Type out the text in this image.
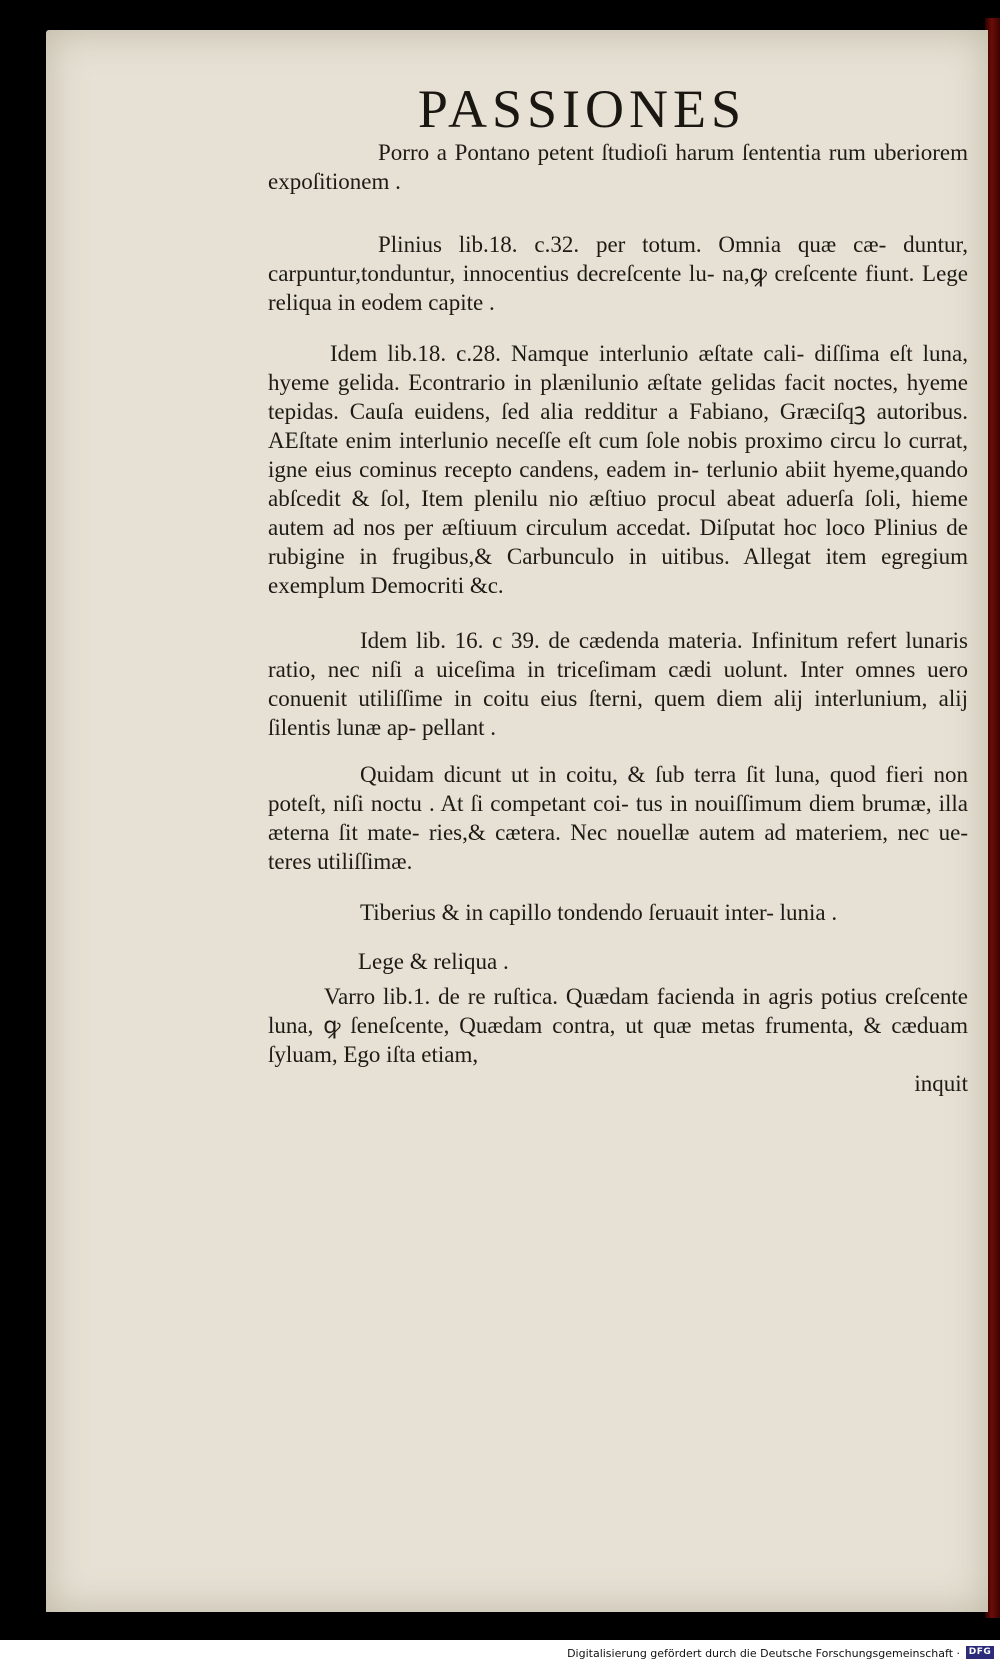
PASSIONES

Porro a Pontano petent ſtudioſi harum ſententia rum uberiorem expoſitionem .

Plinius lib.18. c.32. per totum. Omnia quæ cæ- duntur, carpuntur,tonduntur, innocentius decreſcente lu- na,ꝙ creſcente fiunt. Lege reliqua in eodem capite .

Idem lib.18. c.28. Namque interlunio æſtate cali- diſſima eſt luna, hyeme gelida. Econtrario in plænilunio æſtate gelidas facit noctes, hyeme tepidas. Cauſa euidens, ſed alia redditur a Fabiano, Græciſqꝫ autoribus. AEſtate enim interlunio neceſſe eſt cum ſole nobis proximo circu lo currat, igne eius cominus recepto candens, eadem in- terlunio abiit hyeme,quando abſcedit & ſol, Item plenilu nio æſtiuo procul abeat aduerſa ſoli, hieme autem ad nos per æſtiuum circulum accedat. Diſputat hoc loco Plinius de rubigine in frugibus,& Carbunculo in uitibus. Allegat item egregium exemplum Democriti &c.

Idem lib. 16. c 39. de cædenda materia. Infinitum refert lunaris ratio, nec niſi a uiceſima in triceſimam cædi uolunt. Inter omnes uero conuenit utiliſſime in coitu eius ſterni, quem diem alij interlunium, alij ſilentis lunæ ap- pellant .

Quidam dicunt ut in coitu, & ſub terra ſit luna, quod fieri non poteſt, niſi noctu . At ſi competant coi- tus in nouiſſimum diem brumæ, illa æterna ſit mate- ries,& cætera. Nec nouellæ autem ad materiem, nec ue- teres utiliſſimæ.

Tiberius & in capillo tondendo ſeruauit inter- lunia .

Lege & reliqua .

Varro lib.1. de re ruſtica. Quædam facienda in agris potius creſcente luna, ꝙ ſeneſcente, Quædam contra, ut quæ metas frumenta, & cæduam ſyluam, Ego iſta etiam,

inquit

Digitalisierung gefördert durch die Deutsche Forschungsgemeinschaft · DFG
